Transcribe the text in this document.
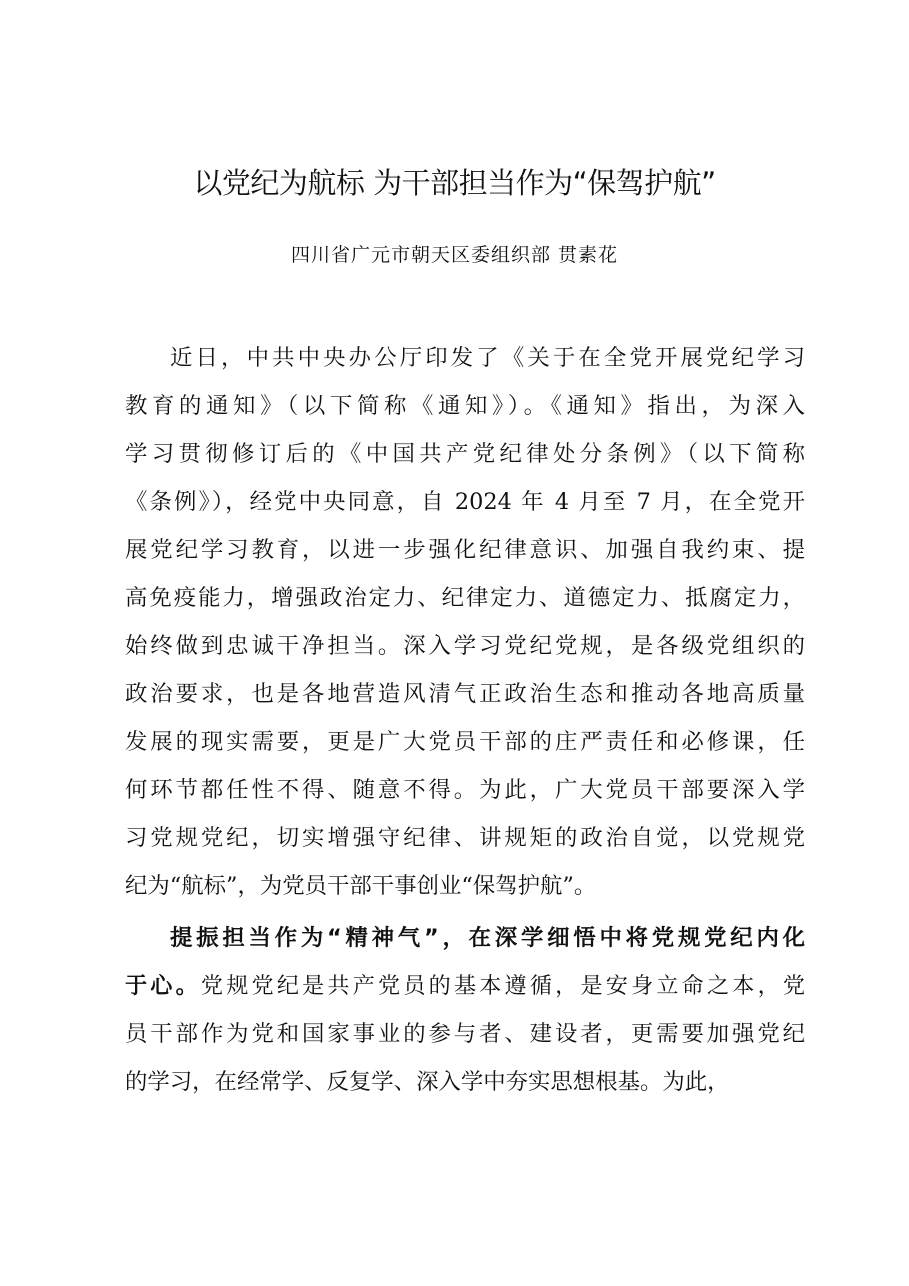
以党纪为航标 为干部担当作为“保驾护航”
四川省广元市朝天区委组织部 贯素花
近日，中共中央办公厅印发了《关于在全党开展党纪学习
教育的通知》（以下简称《通知》）。《通知》指出，为深入
学习贯彻修订后的《中国共产党纪律处分条例》（以下简称
《条例》），经党中央同意，自 2024 年 4 月至 7 月，在全党开
展党纪学习教育，以进一步强化纪律意识、加强自我约束、提
高免疫能力，增强政治定力、纪律定力、道德定力、抵腐定力，
始终做到忠诚干净担当。深入学习党纪党规，是各级党组织的
政治要求，也是各地营造风清气正政治生态和推动各地高质量
发展的现实需要，更是广大党员干部的庄严责任和必修课，任
何环节都任性不得、随意不得。为此，广大党员干部要深入学
习党规党纪，切实增强守纪律、讲规矩的政治自觉，以党规党
纪为“航标”，为党员干部干事创业“保驾护航”。
提振担当作为“精神气”，在深学细悟中将党规党纪内化
于心。党规党纪是共产党员的基本遵循，是安身立命之本，党
员干部作为党和国家事业的参与者、建设者，更需要加强党纪
的学习，在经常学、反复学、深入学中夯实思想根基。为此，
